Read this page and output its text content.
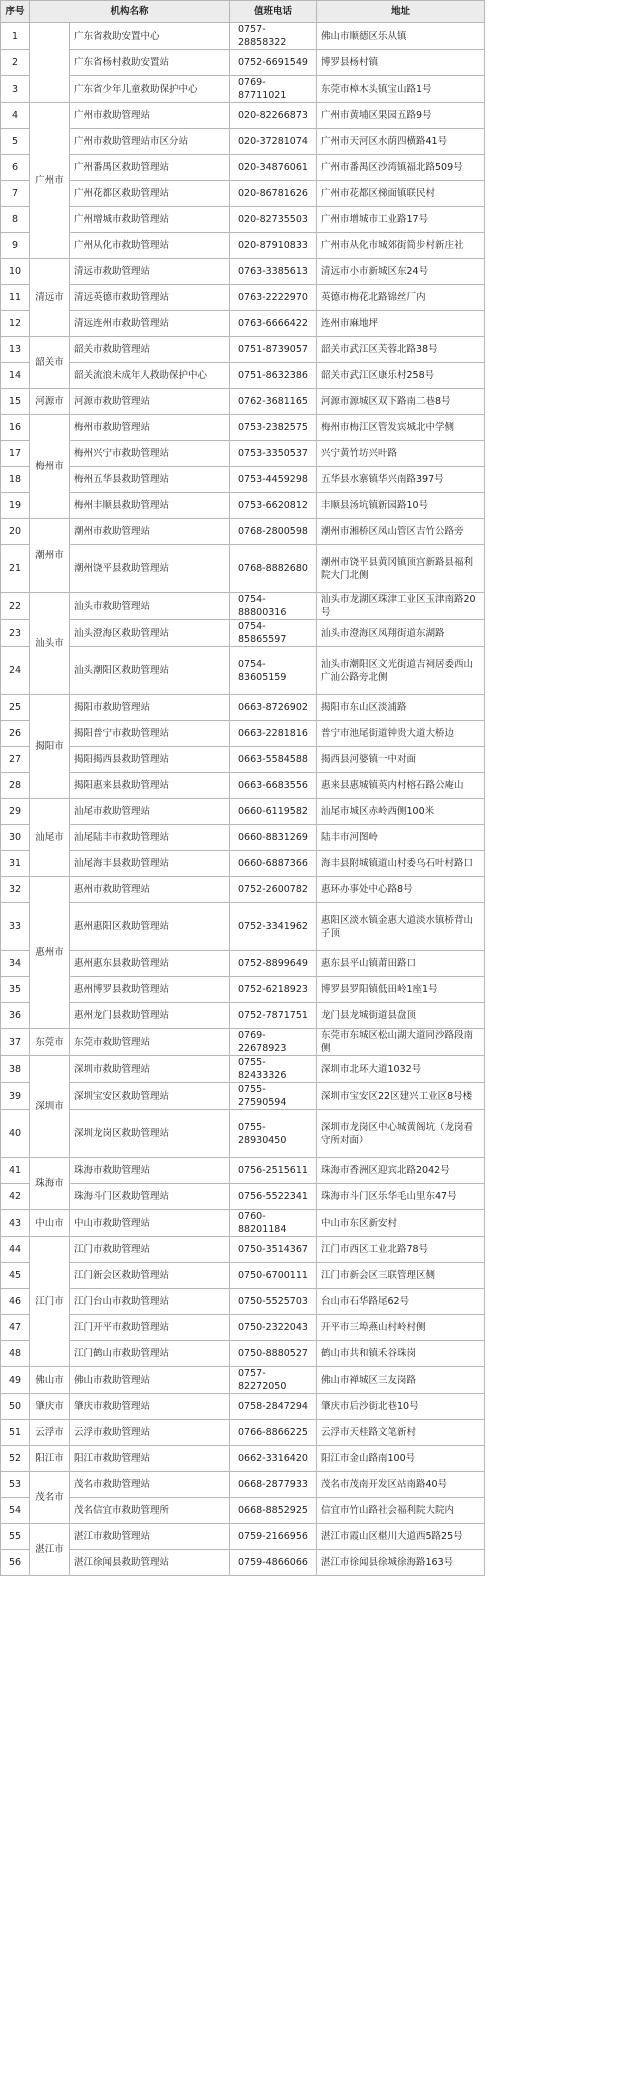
序号	机构名称		值班电话	地址
1		广东省救助安置中心	0757-28858322	佛山市顺德区乐从镇
2		广东省杨村救助安置站	0752-6691549	博罗县杨村镇
3		广东省少年儿童救助保护中心	0769-87711021	东莞市樟木头镇宝山路1号
4	广州市	广州市救助管理站	020-82266873	广州市黄埔区果园五路9号
5		广州市救助管理站市区分站	020-37281074	广州市天河区水荫四横路41号
6		广州番禺区救助管理站	020-34876061	广州市番禺区沙湾镇福北路509号
7		广州花都区救助管理站	020-86781626	广州市花都区梯面镇联民村
8		广州增城市救助管理站	020-82735503	广州市增城市工业路17号
9		广州从化市救助管理站	020-87910833	广州市从化市城郊街简步村新庄社
10	清远市	清远市救助管理站	0763-3385613	清远市小市新城区东24号
11		清远英德市救助管理站	0763-2222970	英德市梅花北路锦丝厂内
12		清远连州市救助管理站	0763-6666422	连州市麻地坪
13	韶关市	韶关市救助管理站	0751-8739057	韶关市武江区芙蓉北路38号
14		韶关流浪未成年人救助保护中心	0751-8632386	韶关市武江区康乐村258号
15	河源市	河源市救助管理站	0762-3681165	河源市源城区双下路南二巷8号
16	梅州市	梅州市救助管理站	0753-2382575	梅州市梅江区管发宾城北中学侧
17		梅州兴宁市救助管理站	0753-3350537	兴宁黄竹坊兴叶路
18		梅州五华县救助管理站	0753-4459298	五华县水寨镇华兴南路397号
19		梅州丰顺县救助管理站	0753-6620812	丰顺县汤坑镇新园路10号
20	潮州市	潮州市救助管理站	0768-2800598	潮州市湘桥区凤山管区吉竹公路旁
21		潮州饶平县救助管理站	0768-8882680	潮州市饶平县黄冈镇顶宫新路县福利院大门北侧
22	汕头市	汕头市救助管理站	0754-88800316	汕头市龙湖区珠津工业区玉津南路20号
23		汕头澄海区救助管理站	0754-85865597	汕头市澄海区凤翔街道东湖路
24		汕头潮阳区救助管理站	0754-83605159	汕头市潮阳区文光街道吉祠居委西山广汕公路旁北侧
25	揭阳市	揭阳市救助管理站	0663-8726902	揭阳市东山区淡浦路
26		揭阳普宁市救助管理站	0663-2281816	普宁市池尾街道钟贵大道大桥边
27		揭阳揭西县救助管理站	0663-5584588	揭西县河婆镇一中对面
28		揭阳惠来县救助管理站	0663-6683556	惠来县惠城镇英内村榕石路公庵山
29	汕尾市	汕尾市救助管理站	0660-6119582	汕尾市城区赤岭西侧100米
30		汕尾陆丰市救助管理站	0660-8831269	陆丰市河图岭
31		汕尾海丰县救助管理站	0660-6887366	海丰县附城镇道山村委乌石叶村路口
32	惠州市	惠州市救助管理站	0752-2600782	惠环办事处中心路8号
33		惠州惠阳区救助管理站	0752-3341962	惠阳区淡水镇金惠大道淡水镇桥背山子顶
34		惠州惠东县救助管理站	0752-8899649	惠东县平山镇莆田路口
35		惠州博罗县救助管理站	0752-6218923	博罗县罗阳镇低田岭1座1号
36		惠州龙门县救助管理站	0752-7871751	龙门县龙城街道县盘顶
37	东莞市	东莞市救助管理站	0769-22678923	东莞市东城区松山湖大道同沙路段南侧
38	深圳市	深圳市救助管理站	0755-82433326	深圳市北环大道1032号
39		深圳宝安区救助管理站	0755-27590594	深圳市宝安区22区建兴工业区8号楼
40		深圳龙岗区救助管理站	0755-28930450	深圳市龙岗区中心城黄阁坑（龙岗看守所对面）
41	珠海市	珠海市救助管理站	0756-2515611	珠海市香洲区迎宾北路2042号
42		珠海斗门区救助管理站	0756-5522341	珠海市斗门区乐华毛山里东47号
43	中山市	中山市救助管理站	0760-88201184	中山市东区新安村
44	江门市	江门市救助管理站	0750-3514367	江门市西区工业北路78号
45		江门新会区救助管理站	0750-6700111	江门市新会区三联管理区侧
46		江门台山市救助管理站	0750-5525703	台山市石华路尾62号
47		江门开平市救助管理站	0750-2322043	开平市三埠燕山村岭村侧
48		江门鹤山市救助管理站	0750-8880527	鹤山市共和镇禾谷珠岗
49	佛山市	佛山市救助管理站	0757-82272050	佛山市禅城区三友岗路
50	肇庆市	肇庆市救助管理站	0758-2847294	肇庆市后沙街北巷10号
51	云浮市	云浮市救助管理站	0766-8866225	云浮市天桂路文笔新村
52	阳江市	阳江市救助管理站	0662-3316420	阳江市金山路南100号
53	茂名市	茂名市救助管理站	0668-2877933	茂名市茂南开发区站南路40号
54		茂名信宜市救助管理所	0668-8852925	信宜市竹山路社会福利院大院内
55	湛江市	湛江市救助管理站	0759-2166956	湛江市霞山区椹川大道西5路25号
56		湛江徐闻县救助管理站	0759-4866066	湛江市徐闻县徐城徐海路163号
